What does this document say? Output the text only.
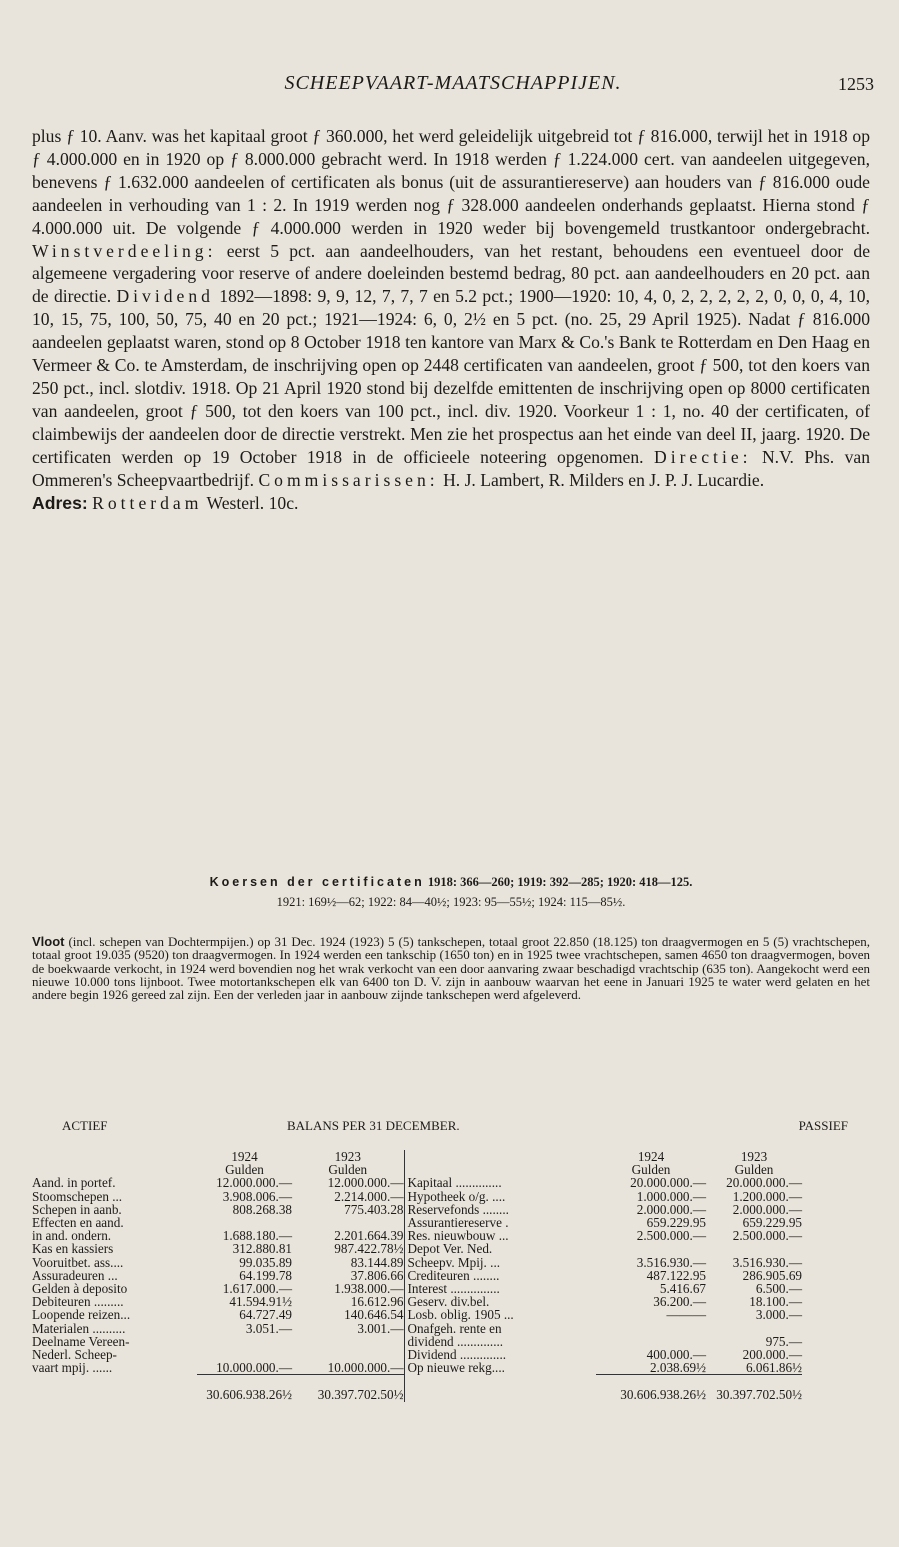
SCHEEPVAART-MAATSCHAPPIJEN.	1253

plus ƒ 10. Aanv. was het kapitaal groot ƒ 360.000, het werd geleidelijk uitgebreid tot ƒ 816.000, terwijl het in 1918 op ƒ 4.000.000 en in 1920 op ƒ 8.000.000 gebracht werd. In 1918 werden ƒ 1.224.000 cert. van aandeelen uitgegeven, benevens ƒ 1.632.000 aandeelen of certificaten als bonus (uit de assurantiereserve) aan houders van ƒ 816.000 oude aandeelen in verhouding van 1 : 2. In 1919 werden nog ƒ 328.000 aandeelen onderhands geplaatst. Hierna stond ƒ 4.000.000 uit. De volgende ƒ 4.000.000 werden in 1920 weder bij bovengemeld trustkantoor ondergebracht. Winstverdeeling: eerst 5 pct. aan aandeelhouders, van het restant, behoudens een eventueel door de algemeene vergadering voor reserve of andere doeleinden bestemd bedrag, 80 pct. aan aandeelhouders en 20 pct. aan de directie. Dividend 1892—1898: 9, 9, 12, 7, 7, 7 en 5.2 pct.; 1900—1920: 10, 4, 0, 2, 2, 2, 2, 2, 0, 0, 0, 4, 10, 10, 15, 75, 100, 50, 75, 40 en 20 pct.; 1921—1924: 6, 0, 2½ en 5 pct. (no. 25, 29 April 1925). Nadat ƒ 816.000 aandeelen geplaatst waren, stond op 8 October 1918 ten kantore van Marx & Co.'s Bank te Rotterdam en Den Haag en Vermeer & Co. te Amsterdam, de inschrijving open op 2448 certificaten van aandeelen, groot ƒ 500, tot den koers van 250 pct., incl. slotdiv. 1918. Op 21 April 1920 stond bij dezelfde emittenten de inschrijving open op 8000 certificaten van aandeelen, groot ƒ 500, tot den koers van 100 pct., incl. div. 1920. Voorkeur 1 : 1, no. 40 der certificaten, of claimbewijs der aandeelen door de directie verstrekt. Men zie het prospectus aan het einde van deel II, jaarg. 1920. De certificaten werden op 19 October 1918 in de officieele noteering opgenomen. Directie: N.V. Phs. van Ommeren's Scheepvaartbedrijf. Commissarissen: H. J. Lambert, R. Milders en J. P. J. Lucardie.

Adres: Rotterdam Westerl. 10c.

Koersen der certificaten 1918: 366—260; 1919: 392—285; 1920: 418—125.
1921: 169½—62; 1922: 84—40½; 1923: 95—55½; 1924: 115—85½.

Vloot (incl. schepen van Dochtermpijen.) op 31 Dec. 1924 (1923) 5 (5) tankschepen, totaal groot 22.850 (18.125) ton draagvermogen en 5 (5) vrachtschepen, totaal groot 19.035 (9520) ton draagvermogen. In 1924 werden een tankschip (1650 ton) en in 1925 twee vrachtschepen, samen 4650 ton draagvermogen, boven de boekwaarde verkocht, in 1924 werd bovendien nog het wrak verkocht van een door aanvaring zwaar beschadigd vrachtschip (635 ton). Aangekocht werd een nieuwe 10.000 tons lijnboot. Twee motortankschepen elk van 6400 ton D. V. zijn in aanbouw waarvan het eene in Januari 1925 te water werd gelaten en het andere begin 1926 gereed zal zijn. Een der verleden jaar in aanbouw zijnde tankschepen werd afgeleverd.

ACTIEF	BALANS PER 31 DECEMBER.	PASSIEF
	1924	1923		1924	1923
	Gulden	Gulden		Gulden	Gulden
Aand. in portef.	12.000.000.—	12.000.000.—	Kapitaal ..............	20.000.000.—	20.000.000.—
Stoomschepen ...	3.908.006.—	2.214.000.—	Hypotheek o/g. ....	1.000.000.—	1.200.000.—
Schepen in aanb.	808.268.38	775.403.28	Reservefonds ........	2.000.000.—	2.000.000.—
Effecten en aand.			Assurantiereserve .	659.229.95	659.229.95
in and. ondern.	1.688.180.—	2.201.664.39	Res. nieuwbouw ...	2.500.000.—	2.500.000.—
Kas en kassiers	312.880.81	987.422.78½	Depot Ver. Ned.		
Vooruitbet. ass....	99.035.89	83.144.89	Scheepv. Mpij. ...	3.516.930.—	3.516.930.—
Assuradeuren ...	64.199.78	37.806.66	Crediteuren ........	487.122.95	286.905.69
Gelden à deposito	1.617.000.—	1.938.000.—	Interest ...............	5.416.67	6.500.—
Debiteuren .........	41.594.91½	16.612.96	Geserv. div.bel.	36.200.—	18.100.—
Loopende reizen...	64.727.49	140.646.54	Losb. oblig. 1905 ...	———	3.000.—
Materialen ..........	3.051.—	3.001.—	Onafgeh. rente en		
Deelname Vereen-			dividend ..............		975.—
Nederl. Scheep-			Dividend ..............	400.000.—	200.000.—
vaart mpij. ......	10.000.000.—	10.000.000.—	Op nieuwe rekg....	2.038.69½	6.061.86½
	30.606.938.26½	30.397.702.50½		30.606.938.26½	30.397.702.50½
